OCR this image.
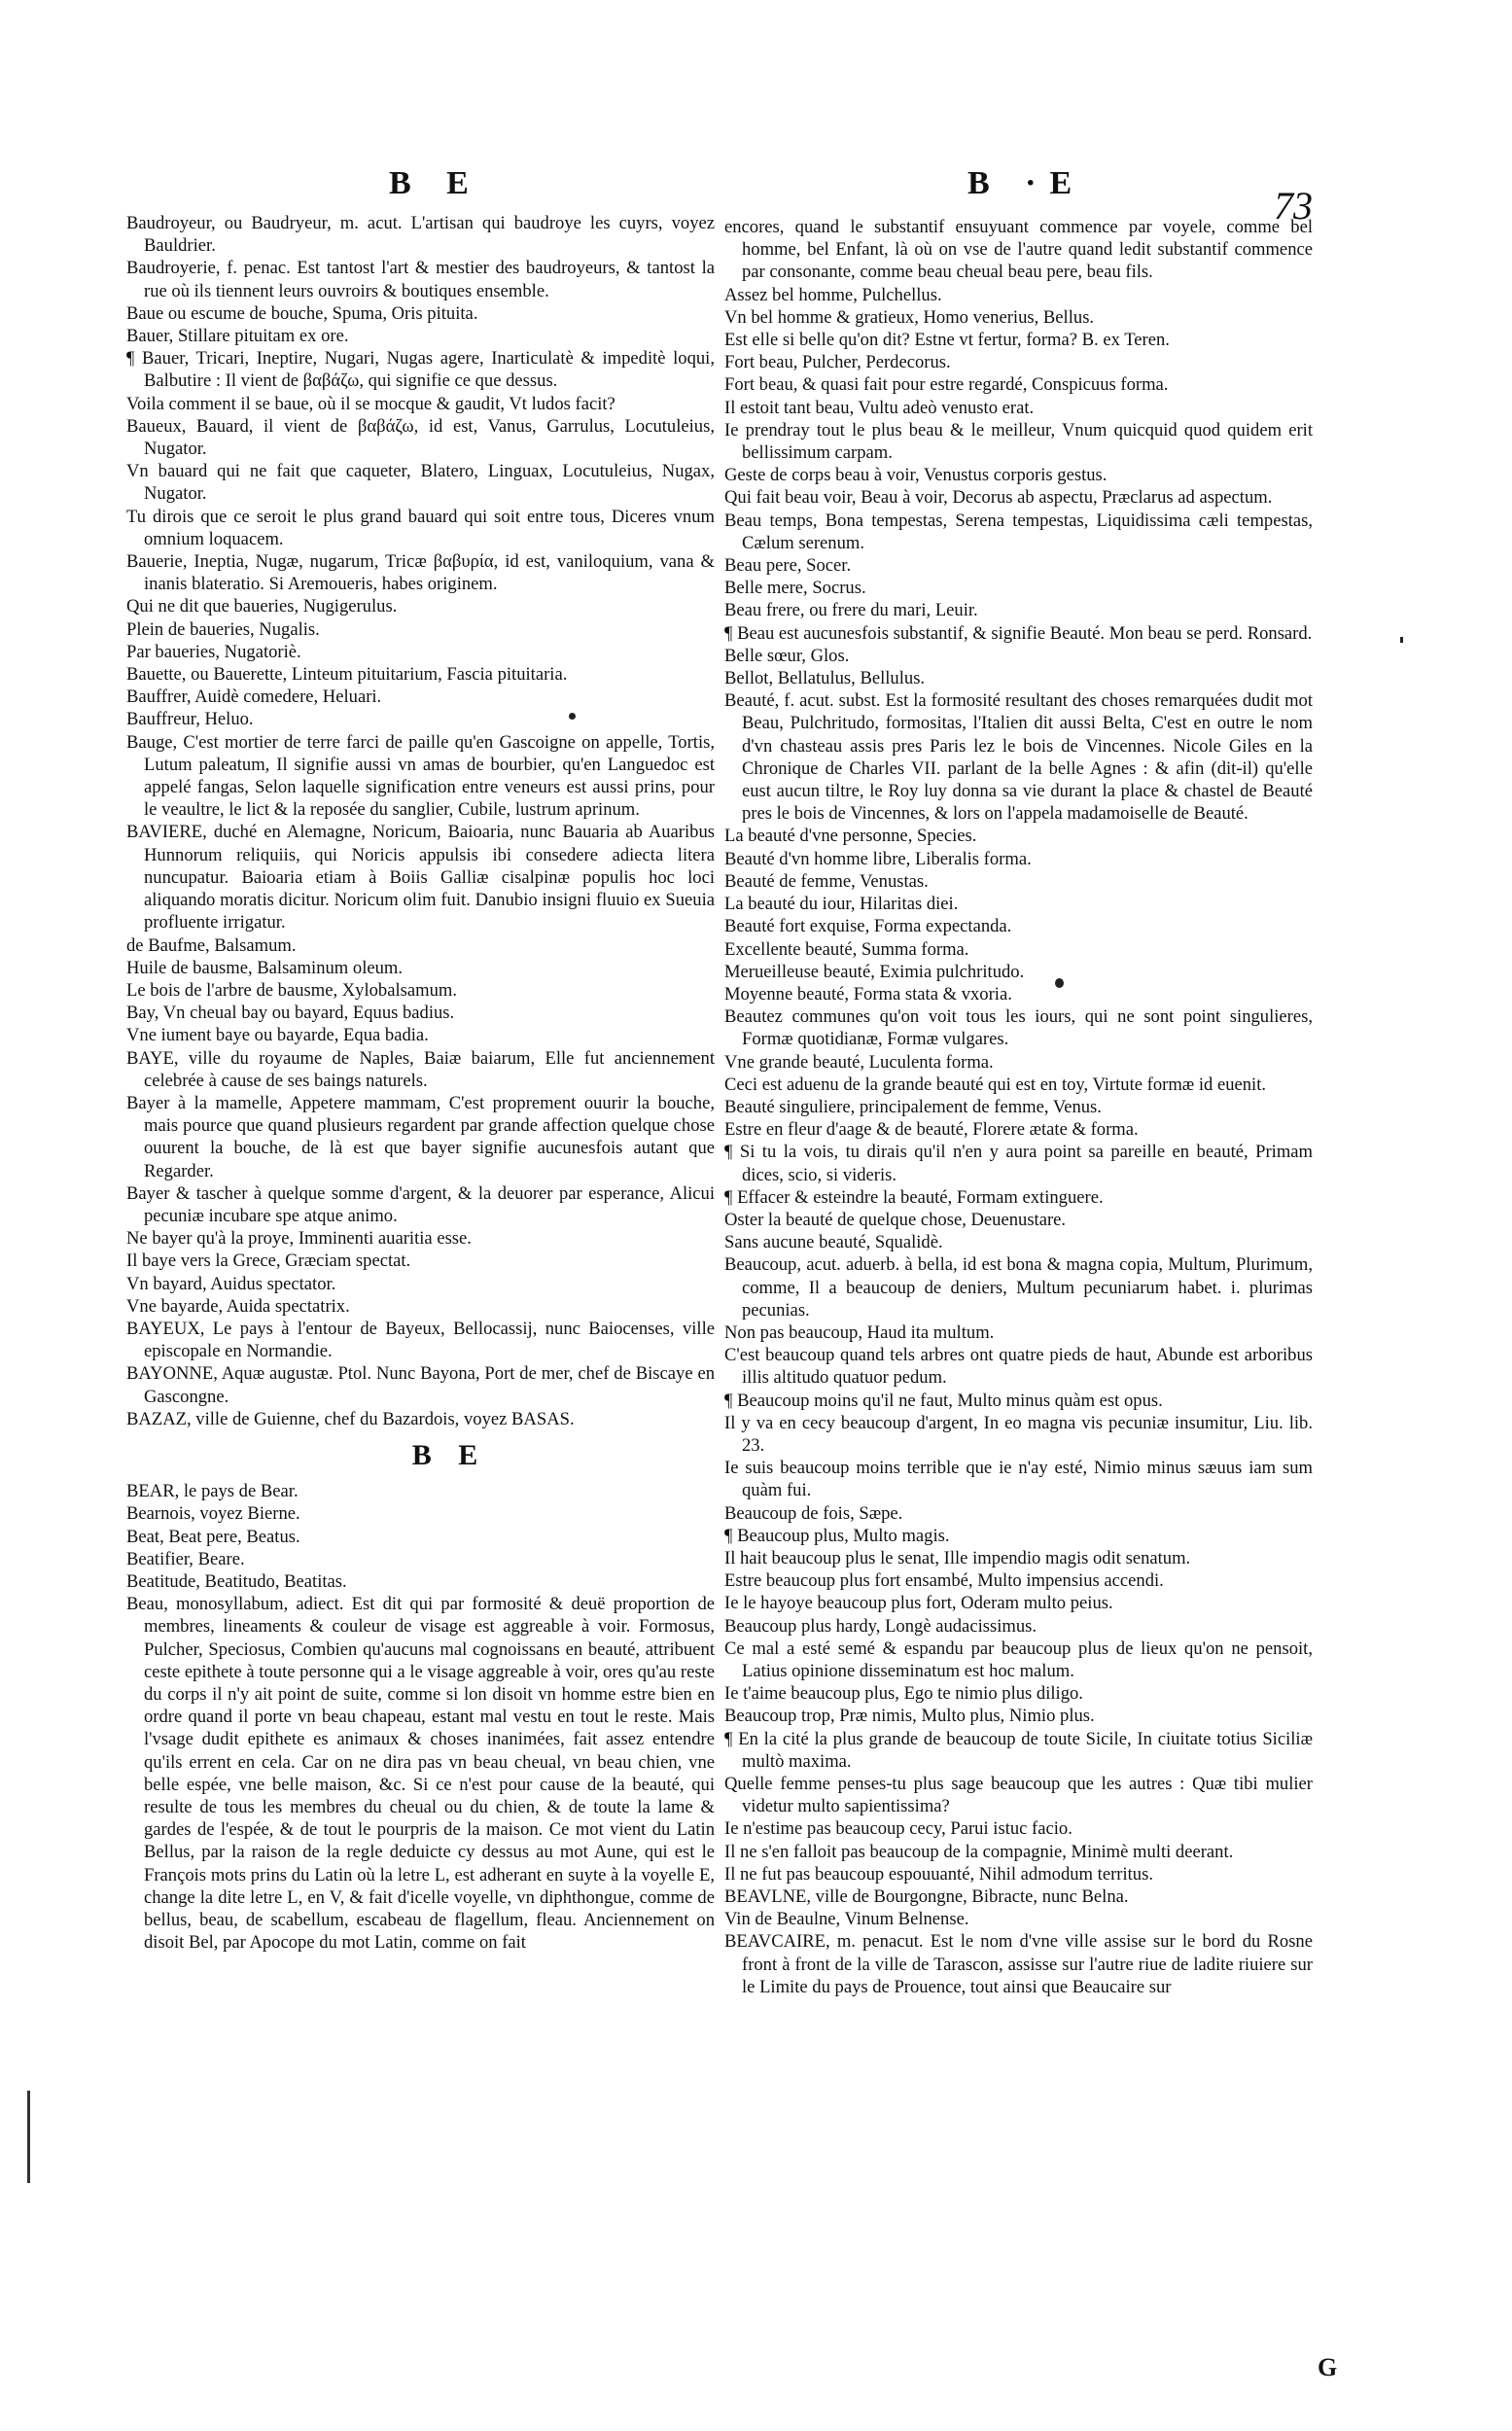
B E	B ·E
73

Baudroyeur, ou Baudryeur, m. acut. L'artisan qui baudroye les cuyrs, voyez Bauldrier.

Baudroyerie, f. penac. Est tantost l'art & mestier des baudroyeurs, & tantost la rue où ils tiennent leurs ouvroirs & boutiques ensemble.

Baue ou escume de bouche, Spuma, Oris pituita.

Bauer, Stillare pituitam ex ore.

¶ Bauer, Tricari, Ineptire, Nugari, Nugas agere, Inarticulatè & impeditè loqui, Balbutire : Il vient de βαβάζω, qui signifie ce que dessus.

Voila comment il se baue, où il se mocque & gaudit, Vt ludos facit?

Baueux, Bauard, il vient de βαβάζω, id est, Vanus, Garrulus, Locutuleius, Nugator.

Vn bauard qui ne fait que caqueter, Blatero, Linguax, Locutuleius, Nugax, Nugator.

Tu dirois que ce seroit le plus grand bauard qui soit entre tous, Diceres vnum omnium loquacem.

Bauerie, Ineptia, Nugæ, nugarum, Tricæ βαβυρία, id est, vaniloquium, vana & inanis blateratio. Si Aremoueris, habes originem.

Qui ne dit que baueries, Nugigerulus.

Plein de baueries, Nugalis.

Par baueries, Nugatoriè.

Bauette, ou Bauerette, Linteum pituitarium, Fascia pituitaria.

Bauffrer, Auidè comedere, Heluari.

Bauffreur, Heluo.

Bauge, C'est mortier de terre farci de paille qu'en Gascoigne on appelle, Tortis, Lutum paleatum, Il signifie aussi vn amas de bourbier, qu'en Languedoc est appelé fangas, Selon laquelle signification entre veneurs est aussi prins, pour le veaultre, le lict & la reposée du sanglier, Cubile, lustrum aprinum.

BAVIERE, duché en Alemagne, Noricum, Baioaria, nunc Bauaria ab Auaribus Hunnorum reliquiis, qui Noricis appulsis ibi consedere adiecta litera nuncupatur. Baioaria etiam à Boiis Galliæ cisalpinæ populis hoc loci aliquando moratis dicitur. Noricum olim fuit. Danubio insigni fluuio ex Sueuia profluente irrigatur.

de Baufme, Balsamum.

Huile de bausme, Balsaminum oleum.

Le bois de l'arbre de bausme, Xylobalsamum.

Bay, Vn cheual bay ou bayard, Equus badius.

Vne iument baye ou bayarde, Equa badia.

BAYE, ville du royaume de Naples, Baiæ baiarum, Elle fut anciennement celebrée à cause de ses baings naturels.

Bayer à la mamelle, Appetere mammam, C'est proprement ouurir la bouche, mais pource que quand plusieurs regardent par grande affection quelque chose ouurent la bouche, de là est que bayer signifie aucunesfois autant que Regarder.

Bayer & tascher à quelque somme d'argent, & la deuorer par esperance, Alicui pecuniæ incubare spe atque animo.

Ne bayer qu'à la proye, Imminenti auaritia esse.

Il baye vers la Grece, Græciam spectat.

Vn bayard, Auidus spectator.

Vne bayarde, Auida spectatrix.

BAYEUX, Le pays à l'entour de Bayeux, Bellocassij, nunc Baiocenses, ville episcopale en Normandie.

BAYONNE, Aquæ augustæ. Ptol. Nunc Bayona, Port de mer, chef de Biscaye en Gascongne.

BAZAZ, ville de Guienne, chef du Bazardois, voyez BASAS.

B E

BEAR, le pays de Bear.

Bearnois, voyez Bierne.

Beat, Beat pere, Beatus.

Beatifier, Beare.

Beatitude, Beatitudo, Beatitas.

Beau, monosyllabum, adiect. Est dit qui par formosité & deuë proportion de membres, lineaments & couleur de visage est aggreable à voir. Formosus, Pulcher, Speciosus, Combien qu'aucuns mal cognoissans en beauté, attribuent ceste epithete à toute personne qui a le visage aggreable à voir, ores qu'au reste du corps il n'y ait point de suite, comme si lon disoit vn homme estre bien en ordre quand il porte vn beau chapeau, estant mal vestu en tout le reste. Mais l'vsage dudit epithete es animaux & choses inanimées, fait assez entendre qu'ils errent en cela. Car on ne dira pas vn beau cheual, vn beau chien, vne belle espée, vne belle maison, &c. Si ce n'est pour cause de la beauté, qui resulte de tous les membres du cheual ou du chien, & de toute la lame & gardes de l'espée, & de tout le pourpris de la maison. Ce mot vient du Latin Bellus, par la raison de la regle deduicte cy dessus au mot Aune, qui est le François mots prins du Latin où la letre L, est adherant en suyte à la voyelle E, change la dite letre L, en V, & fait d'icelle voyelle, vn diphthongue, comme de bellus, beau, de scabellum, escabeau de flagellum, fleau. Anciennement on disoit Bel, par Apocope du mot Latin, comme on fait

encores, quand le substantif ensuyuant commence par voyele, comme bel homme, bel Enfant, là où on vse de l'autre quand ledit substantif commence par consonante, comme beau cheual beau pere, beau fils.

Assez bel homme, Pulchellus.

Vn bel homme & gratieux, Homo venerius, Bellus.

Est elle si belle qu'on dit? Estne vt fertur, forma? B. ex Teren.

Fort beau, Pulcher, Perdecorus.

Fort beau, & quasi fait pour estre regardé, Conspicuus forma.

Il estoit tant beau, Vultu adeò venusto erat.

Ie prendray tout le plus beau & le meilleur, Vnum quicquid quod quidem erit bellissimum carpam.

Geste de corps beau à voir, Venustus corporis gestus.

Qui fait beau voir, Beau à voir, Decorus ab aspectu, Præclarus ad aspectum.

Beau temps, Bona tempestas, Serena tempestas, Liquidissima cæli tempestas, Cælum serenum.

Beau pere, Socer.

Belle mere, Socrus.

Beau frere, ou frere du mari, Leuir.

¶ Beau est aucunesfois substantif, & signifie Beauté. Mon beau se perd. Ronsard.

Belle sœur, Glos.

Bellot, Bellatulus, Bellulus.

Beauté, f. acut. subst. Est la formosité resultant des choses remarquées dudit mot Beau, Pulchritudo, formositas, l'Italien dit aussi Belta, C'est en outre le nom d'vn chasteau assis pres Paris lez le bois de Vincennes. Nicole Giles en la Chronique de Charles VII. parlant de la belle Agnes : & afin (dit-il) qu'elle eust aucun tiltre, le Roy luy donna sa vie durant la place & chastel de Beauté pres le bois de Vincennes, & lors on l'appela madamoiselle de Beauté.

La beauté d'vne personne, Species.

Beauté d'vn homme libre, Liberalis forma.

Beauté de femme, Venustas.

La beauté du iour, Hilaritas diei.

Beauté fort exquise, Forma expectanda.

Excellente beauté, Summa forma.

Merueilleuse beauté, Eximia pulchritudo.

Moyenne beauté, Forma stata & vxoria.

Beautez communes qu'on voit tous les iours, qui ne sont point singulieres, Formæ quotidianæ, Formæ vulgares.

Vne grande beauté, Luculenta forma.

Ceci est aduenu de la grande beauté qui est en toy, Virtute formæ id euenit.

Beauté singuliere, principalement de femme, Venus.

Estre en fleur d'aage & de beauté, Florere ætate & forma.

¶ Si tu la vois, tu dirais qu'il n'en y aura point sa pareille en beauté, Primam dices, scio, si videris.

¶ Effacer & esteindre la beauté, Formam extinguere.

Oster la beauté de quelque chose, Deuenustare.

Sans aucune beauté, Squalidè.

Beaucoup, acut. aduerb. à bella, id est bona & magna copia, Multum, Plurimum, comme, Il a beaucoup de deniers, Multum pecuniarum habet. i. plurimas pecunias.

Non pas beaucoup, Haud ita multum.

C'est beaucoup quand tels arbres ont quatre pieds de haut, Abunde est arboribus illis altitudo quatuor pedum.

¶ Beaucoup moins qu'il ne faut, Multo minus quàm est opus.

Il y va en cecy beaucoup d'argent, In eo magna vis pecuniæ insumitur, Liu. lib. 23.

Ie suis beaucoup moins terrible que ie n'ay esté, Nimio minus sæuus iam sum quàm fui.

Beaucoup de fois, Sæpe.

¶ Beaucoup plus, Multo magis.

Il hait beaucoup plus le senat, Ille impendio magis odit senatum.

Estre beaucoup plus fort ensambé, Multo impensius accendi.

Ie le hayoye beaucoup plus fort, Oderam multo peius.

Beaucoup plus hardy, Longè audacissimus.

Ce mal a esté semé & espandu par beaucoup plus de lieux qu'on ne pensoit, Latius opinione disseminatum est hoc malum.

Ie t'aime beaucoup plus, Ego te nimio plus diligo.

Beaucoup trop, Præ nimis, Multo plus, Nimio plus.

¶ En la cité la plus grande de beaucoup de toute Sicile, In ciuitate totius Siciliæ multò maxima.

Quelle femme penses-tu plus sage beaucoup que les autres : Quæ tibi mulier videtur multo sapientissima?

Ie n'estime pas beaucoup cecy, Parui istuc facio.

Il ne s'en falloit pas beaucoup de la compagnie, Minimè multi deerant.

Il ne fut pas beaucoup espouuanté, Nihil admodum territus.

BEAVLNE, ville de Bourgongne, Bibracte, nunc Belna.

Vin de Beaulne, Vinum Belnense.

BEAVCAIRE, m. penacut. Est le nom d'vne ville assise sur le bord du Rosne front à front de la ville de Tarascon, assisse sur l'autre riue de ladite riuiere sur le Limite du pays de Prouence, tout ainsi que Beaucaire sur

G
